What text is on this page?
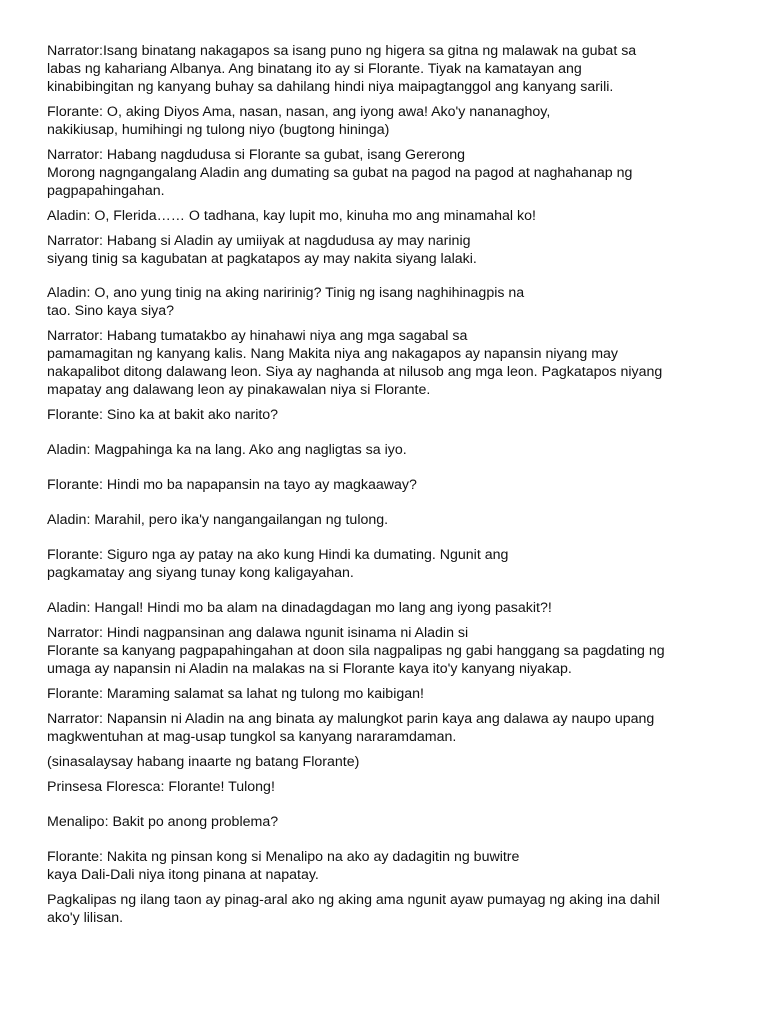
Narrator:Isang binatang nakagapos sa isang puno ng higera sa gitna ng malawak na gubat sa
labas ng kahariang Albanya. Ang binatang ito ay si Florante. Tiyak na kamatayan ang
kinabibingitan ng kanyang buhay sa dahilang hindi niya maipagtanggol ang kanyang sarili.

Florante: O, aking Diyos Ama, nasan, nasan, ang iyong awa! Ako'y nananaghoy,
nakikiusap, humihingi ng tulong niyo (bugtong hininga)

Narrator: Habang nagdudusa si Florante sa gubat, isang Gererong
Morong nagngangalang Aladin ang dumating sa gubat na pagod na pagod at naghahanap ng
pagpapahingahan.

Aladin: O, Flerida…… O tadhana, kay lupit mo, kinuha mo ang minamahal ko!

Narrator: Habang si Aladin ay umiiyak at nagdudusa ay may narinig
siyang tinig sa kagubatan at pagkatapos ay may nakita siyang lalaki.

Aladin: O, ano yung tinig na aking naririnig? Tinig ng isang naghihinagpis na
tao. Sino kaya siya?

Narrator: Habang tumatakbo ay hinahawi niya ang mga sagabal sa
pamamagitan ng kanyang kalis. Nang Makita niya ang nakagapos ay napansin niyang may
nakapalibot ditong dalawang leon. Siya ay naghanda at nilusob ang mga leon. Pagkatapos niyang
mapatay ang dalawang leon ay pinakawalan niya si Florante.

Florante: Sino ka at bakit ako narito?

Aladin: Magpahinga ka na lang. Ako ang nagligtas sa iyo.

Florante: Hindi mo ba napapansin na tayo ay magkaaway?

Aladin: Marahil, pero ika'y nangangailangan ng tulong.

Florante: Siguro nga ay patay na ako kung Hindi ka dumating. Ngunit ang
pagkamatay ang siyang tunay kong kaligayahan.

Aladin: Hangal! Hindi mo ba alam na dinadagdagan mo lang ang iyong pasakit?!

Narrator: Hindi nagpansinan ang dalawa ngunit isinama ni Aladin si
Florante sa kanyang pagpapahingahan at doon sila nagpalipas ng gabi hanggang sa pagdating ng
umaga ay napansin ni Aladin na malakas na si Florante kaya ito'y kanyang niyakap.

Florante: Maraming salamat sa lahat ng tulong mo kaibigan!

Narrator: Napansin ni Aladin na ang binata ay malungkot parin kaya ang dalawa ay naupo upang
magkwentuhan at mag-usap tungkol sa kanyang nararamdaman.

(sinasalaysay habang inaarte ng batang Florante)

Prinsesa Floresca: Florante! Tulong!

Menalipo: Bakit po anong problema?

Florante: Nakita ng pinsan kong si Menalipo na ako ay dadagitin ng buwitre
kaya Dali-Dali niya itong pinana at napatay.

Pagkalipas ng ilang taon ay pinag-aral ako ng aking ama ngunit ayaw pumayag ng aking ina dahil
ako'y lilisan.
